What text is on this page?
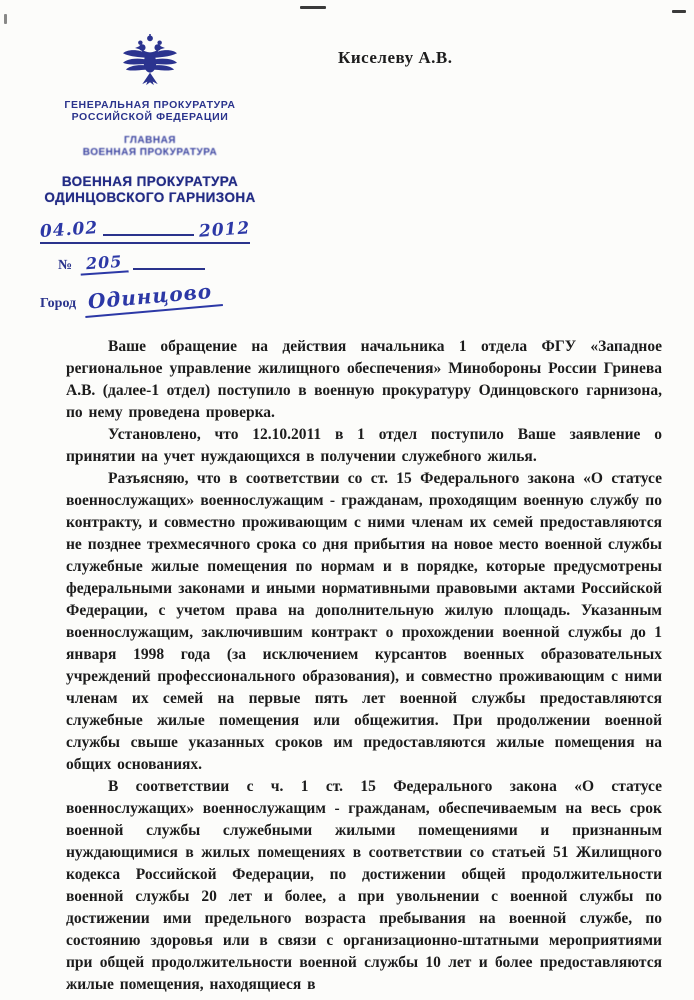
Киселеву А.В.
ГЕНЕРАЛЬНАЯ ПРОКУРАТУРА
РОССИЙСКОЙ ФЕДЕРАЦИИ
ГЛАВНАЯ
ВОЕННАЯ ПРОКУРАТУРА
ВОЕННАЯ ПРОКУРАТУРА
ОДИНЦОВСКОГО ГАРНИЗОНА
04.02	2012
№ 205
Город Одинцово

Ваше обращение на действия начальника 1 отдела ФГУ «Западное региональное управление жилищного обеспечения» Минобороны России Гринева А.В. (далее-1 отдел) поступило в военную прокуратуру Одинцовского гарнизона, по нему проведена проверка.

Установлено, что 12.10.2011 в 1 отдел поступило Ваше заявление о принятии на учет нуждающихся в получении служебного жилья.

Разъясняю, что в соответствии со ст. 15 Федерального закона «О статусе военнослужащих» военнослужащим - гражданам, проходящим военную службу по контракту, и совместно проживающим с ними членам их семей предоставляются не позднее трехмесячного срока со дня прибытия на новое место военной службы служебные жилые помещения по нормам и в порядке, которые предусмотрены федеральными законами и иными нормативными правовыми актами Российской Федерации, с учетом права на дополнительную жилую площадь. Указанным военнослужащим, заключившим контракт о прохождении военной службы до 1 января 1998 года (за исключением курсантов военных образовательных учреждений профессионального образования), и совместно проживающим с ними членам их семей на первые пять лет военной службы предоставляются служебные жилые помещения или общежития. При продолжении военной службы свыше указанных сроков им предоставляются жилые помещения на общих основаниях.

В соответствии с ч. 1 ст. 15 Федерального закона «О статусе военнослужащих» военнослужащим - гражданам, обеспечиваемым на весь срок военной службы служебными жилыми помещениями и признанным нуждающимися в жилых помещениях в соответствии со статьей 51 Жилищного кодекса Российской Федерации, по достижении общей продолжительности военной службы 20 лет и более, а при увольнении с военной службы по достижении ими предельного возраста пребывания на военной службе, по состоянию здоровья или в связи с организационно-штатными мероприятиями при общей продолжительности военной службы 10 лет и более предоставляются жилые помещения, находящиеся в
